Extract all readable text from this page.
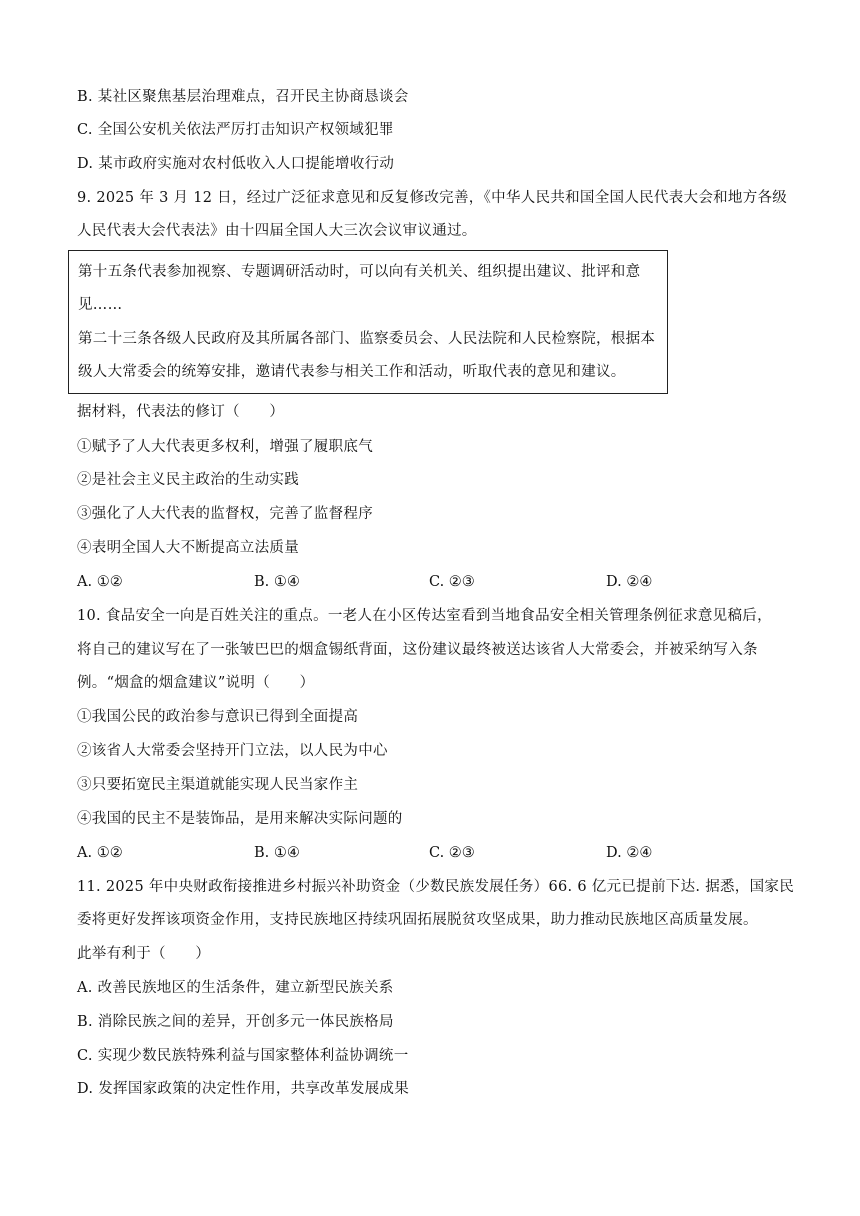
B. 某社区聚焦基层治理难点，召开民主协商恳谈会
C. 全国公安机关依法严厉打击知识产权领域犯罪
D. 某市政府实施对农村低收入人口提能增收行动
9. 2025 年 3 月 12 日，经过广泛征求意见和反复修改完善，《中华人民共和国全国人民代表大会和地方各级
人民代表大会代表法》由十四届全国人大三次会议审议通过。
第十五条代表参加视察、专题调研活动时，可以向有关机关、组织提出建议、批评和意
见……
第二十三条各级人民政府及其所属各部门、监察委员会、人民法院和人民检察院，根据本
级人大常委会的统筹安排，邀请代表参与相关工作和活动，听取代表的意见和建议。
据材料，代表法的修订（　　）
①赋予了人大代表更多权利，增强了履职底气
②是社会主义民主政治的生动实践
③强化了人大代表的监督权，完善了监督程序
④表明全国人大不断提高立法质量
A. ①②	B. ①④	C. ②③	D. ②④
10. 食品安全一向是百姓关注的重点。一老人在小区传达室看到当地食品安全相关管理条例征求意见稿后，
将自己的建议写在了一张皱巴巴的烟盒锡纸背面，这份建议最终被送达该省人大常委会，并被采纳写入条
例。“烟盒的烟盒建议”说明（　　）
①我国公民的政治参与意识已得到全面提高
②该省人大常委会坚持开门立法，以人民为中心
③只要拓宽民主渠道就能实现人民当家作主
④我国的民主不是装饰品，是用来解决实际问题的
A. ①②	B. ①④	C. ②③	D. ②④
11. 2025 年中央财政衔接推进乡村振兴补助资金（少数民族发展任务）66. 6 亿元已提前下达. 据悉，国家民
委将更好发挥该项资金作用，支持民族地区持续巩固拓展脱贫攻坚成果，助力推动民族地区高质量发展。
此举有利于（　　）
A. 改善民族地区的生活条件，建立新型民族关系
B. 消除民族之间的差异，开创多元一体民族格局
C. 实现少数民族特殊利益与国家整体利益协调统一
D. 发挥国家政策的决定性作用，共享改革发展成果
